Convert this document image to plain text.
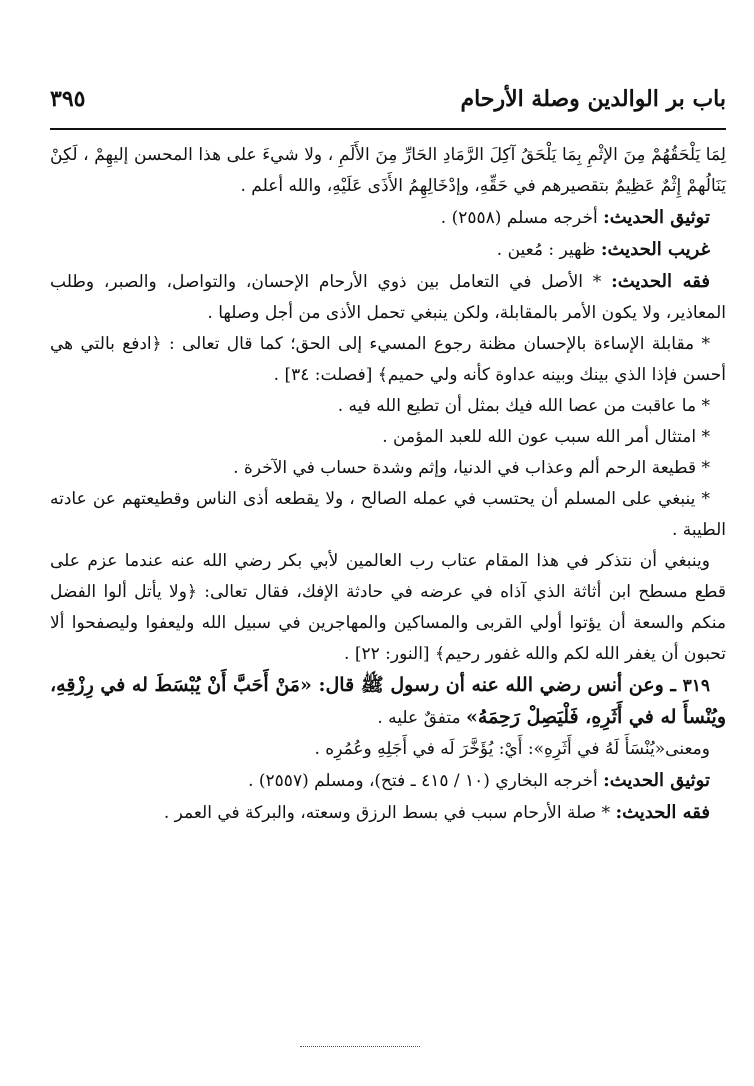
باب بر الوالدين وصلة الأرحام
٣٩٥

لِمَا يَلْحَقُهُمْ مِنَ الإثْمِ بِمَا يَلْحَقُ آكِلَ الرَّمَادِ الحَارِّ مِنَ الأَلَمِ ، ولا شيءَ على هذا المحسن إليهِمْ ، لَكِنْ يَنَالُهمْ إِثْمٌ عَظِيمٌ بتقصيرهم في حَقِّهِ، وإدْخَالِهِمُ الأَذَى عَلَيْهِ، والله أعلم .

توثيق الحديث: أخرجه مسلم (٢٥٥٨) .

غريب الحديث: ظهير : مُعين .

فقه الحديث: * الأصل في التعامل بين ذوي الأرحام الإحسان، والتواصل، والصبر، وطلب المعاذير، ولا يكون الأمر بالمقابلة، ولكن ينبغي تحمل الأذى من أجل وصلها .

* مقابلة الإساءة بالإحسان مظنة رجوع المسيء إلى الحق؛ كما قال تعالى : ﴿ادفع بالتي هي أحسن فإذا الذي بينك وبينه عداوة كأنه ولي حميم﴾ [فصلت: ٣٤] .

* ما عاقبت من عصا الله فيك بمثل أن تطيع الله فيه .

* امتثال أمر الله سبب عون الله للعبد المؤمن .

* قطيعة الرحم ألم وعذاب في الدنيا، وإثم وشدة حساب في الآخرة .

* ينبغي على المسلم أن يحتسب في عمله الصالح ، ولا يقطعه أذى الناس وقطيعتهم عن عادته الطيبة .

وينبغي أن نتذكر في هذا المقام عتاب رب العالمين لأبي بكر رضي الله عنه عندما عزم على قطع مسطح ابن أثاثة الذي آذاه في عرضه في حادثة الإفك، فقال تعالى: ﴿ولا يأتل ألوا الفضل منكم والسعة أن يؤتوا أولي القربى والمساكين والمهاجرين في سبيل الله وليعفوا وليصفحوا ألا تحبون أن يغفر الله لكم والله غفور رحيم﴾ [النور: ٢٢] .

٣١٩ ـ وعن أنس رضي الله عنه أن رسول ﷺ قال: «مَنْ أَحَبَّ أَنْ يُبْسَطَ له في رِزْقِهِ، ويُنْسأَ له في أَثَرِهِ، فَلْيَصِلْ رَحِمَهُ» متفقٌ عليه .

ومعنى«يُنْسَأَ لَهُ في أَثَرِهِ»: أَيْ: يُؤَخَّرَ لَه في أَجَلِهِ وعُمُرِه .

توثيق الحديث: أخرجه البخاري (١٠ / ٤١٥ ـ فتح)، ومسلم (٢٥٥٧) .

فقه الحديث: * صلة الأرحام سبب في بسط الرزق وسعته، والبركة في العمر .
